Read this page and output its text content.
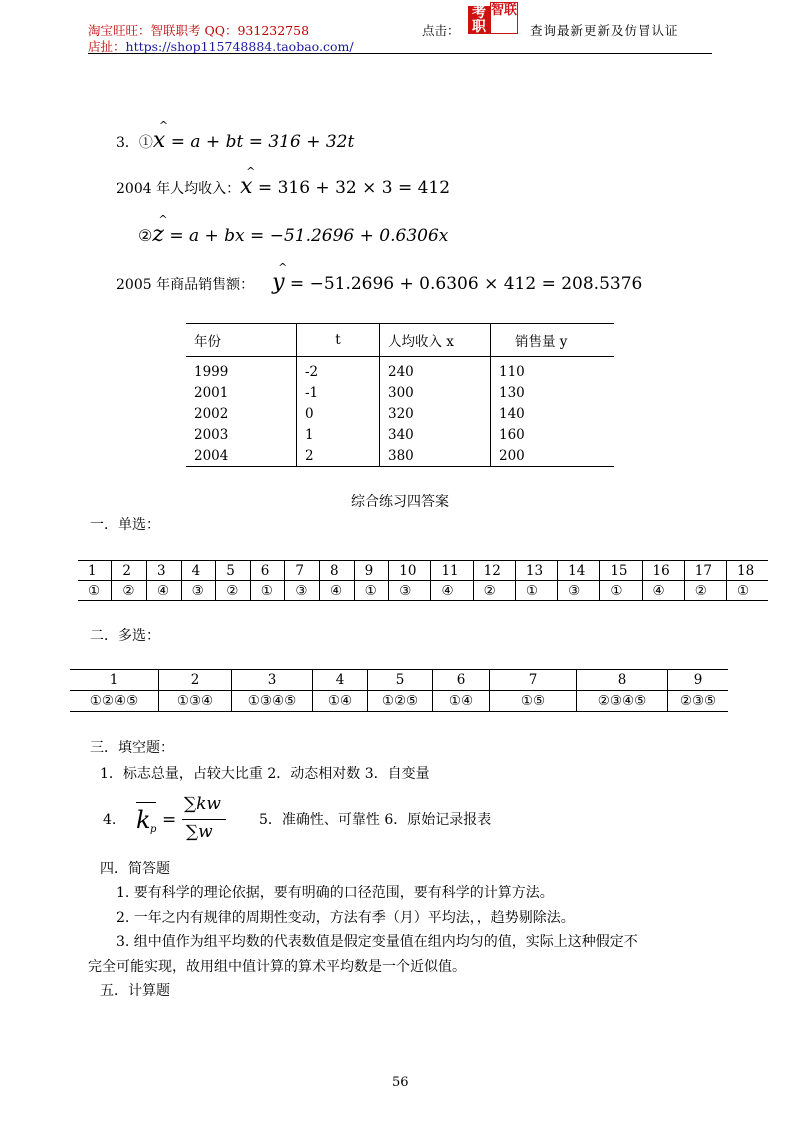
淘宝旺旺：智联职考 QQ：931232758	点击：
考
职
智联
查询最新更新及仿冒认证
店扯：https://shop115748884.taobao.com/
3．①
^
x = a + bt = 316 + 32t
2004 年人均收入：
^
x = 316 + 32 × 3 = 412
②
^
z = a + bx = −51.2696 + 0.6306x
2005 年商品销售额：
^
y = −51.2696 + 0.6306 × 412 = 208.5376
年份	t	人均收入 x	销售量 y

1999	-2	240	110
2001	-1	300	130
2002	0	320	140
2003	1	340	160
2004	2	380	200
综合练习四答案
一．单选：
1	2	3	4	5	6	7	8	9	10	11	12	13	14	15	16	17	18
①	②	④	③	②	①	③	④	①	③	④	②	①	③	①	④	②	①
二．多选：
1	2	3	4	5	6	7	8	9
①②④⑤	①③④	①③④⑤	①④	①②⑤	①④	①⑤	②③④⑤	②③⑤
三．填空题：
1．标志总量，占较大比重 2．动态相对数 3．自变量
4. k p =
∑kw
∑w
5．准确性、可靠性 6．原始记录报表
四．简答题
1. 要有科学的理论依据，要有明确的口径范围，要有科学的计算方法。
2. 一年之内有规律的周期性变动，方法有季（月）平均法，，趋势剔除法。
3. 组中值作为组平均数的代表数值是假定变量值在组内均匀的值，实际上这种假定不
完全可能实现，故用组中值计算的算术平均数是一个近似值。
五．计算题
56
